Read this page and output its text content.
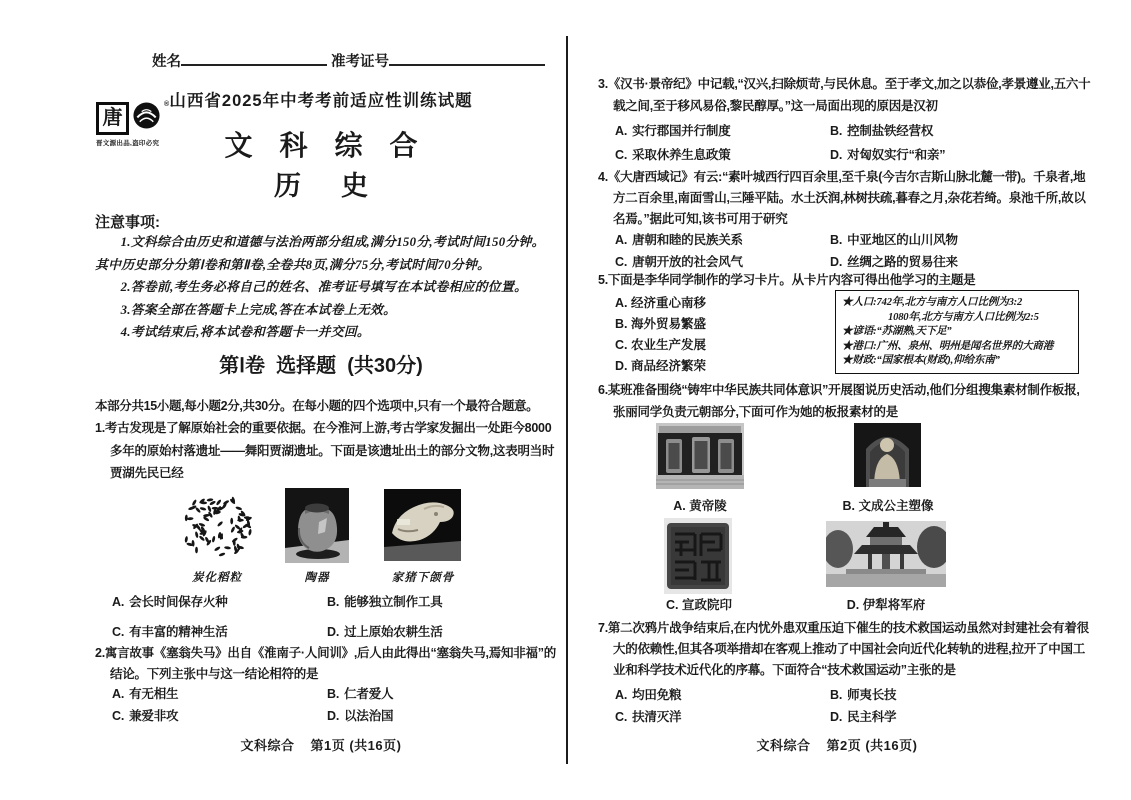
姓名	准考证号
唐
®
晋文源出品,盗印必究
山西省2025年中考考前适应性训练试题
文科综合
历史
注意事项:

1.文科综合由历史和道德与法治两部分组成,满分150分,考试时间150分钟。其中历史部分分第Ⅰ卷和第Ⅱ卷,全卷共8页,满分75分,考试时间70分钟。

2.答卷前,考生务必将自己的姓名、准考证号填写在本试卷相应的位置。

3.答案全部在答题卡上完成,答在本试卷上无效。

4.考试结束后,将本试卷和答题卡一并交回。

第Ⅰ卷  选择题  (共30分)
本部分共15小题,每小题2分,共30分。在每小题的四个选项中,只有一个最符合题意。

1.考古发现是了解原始社会的重要依据。在今淮河上游,考古学家发掘出一处距今8000多年的原始村落遗址——舞阳贾湖遗址。下面是该遗址出土的部分文物,这表明当时贾湖先民已经

炭化稻粒	陶器	家猪下颌骨
A. 会长时间保存火种	B. 能够独立制作工具
C. 有丰富的精神生活	D. 过上原始农耕生活

2.寓言故事《塞翁失马》出自《淮南子·人间训》,后人由此得出“塞翁失马,焉知非福”的结论。下列主张中与这一结论相符的是

A. 有无相生	B. 仁者爱人
C. 兼爱非攻	D. 以法治国
文科综合 第1页 (共16页)

3.《汉书·景帝纪》中记载,“汉兴,扫除烦苛,与民休息。至于孝文,加之以恭俭,孝景遵业,五六十载之间,至于移风易俗,黎民醇厚。”这一局面出现的原因是汉初

A. 实行郡国并行制度	B. 控制盐铁经营权
C. 采取休养生息政策	D. 对匈奴实行“和亲”

4.《大唐西域记》有云:“素叶城西行四百余里,至千泉(今吉尔吉斯山脉北麓一带)。千泉者,地方二百余里,南面雪山,三陲平陆。水土沃润,林树扶疏,暮春之月,杂花若绮。泉池千所,故以名焉。”据此可知,该书可用于研究

A. 唐朝和睦的民族关系	B. 中亚地区的山川风物
C. 唐朝开放的社会风气	D. 丝绸之路的贸易往来

5.下面是李华同学制作的学习卡片。从卡片内容可得出他学习的主题是

A. 经济重心南移
B. 海外贸易繁盛
C. 农业生产发展
D. 商品经济繁荣
★人口:742年,北方与南方人口比例为3:2
1080年,北方与南方人口比例为2:5
★谚语:“苏湖熟,天下足”
★港口:广州、泉州、明州是闻名世界的大商港
★财政:“国家根本(财政),仰给东南”

6.某班准备围绕“铸牢中华民族共同体意识”开展图说历史活动,他们分组搜集素材制作板报,张丽同学负责元朝部分,下面可作为她的板报素材的是

A. 黄帝陵	B. 文成公主塑像
C. 宣政院印	D. 伊犁将军府

7.第二次鸦片战争结束后,在内忧外患双重压迫下催生的技术救国运动虽然对封建社会有着很大的依赖性,但其各项举措却在客观上推动了中国社会向近代化转轨的进程,拉开了中国工业和科学技术近代化的序幕。下面符合“技术救国运动”主张的是

A. 均田免粮	B. 师夷长技
C. 扶清灭洋	D. 民主科学
文科综合 第2页 (共16页)
